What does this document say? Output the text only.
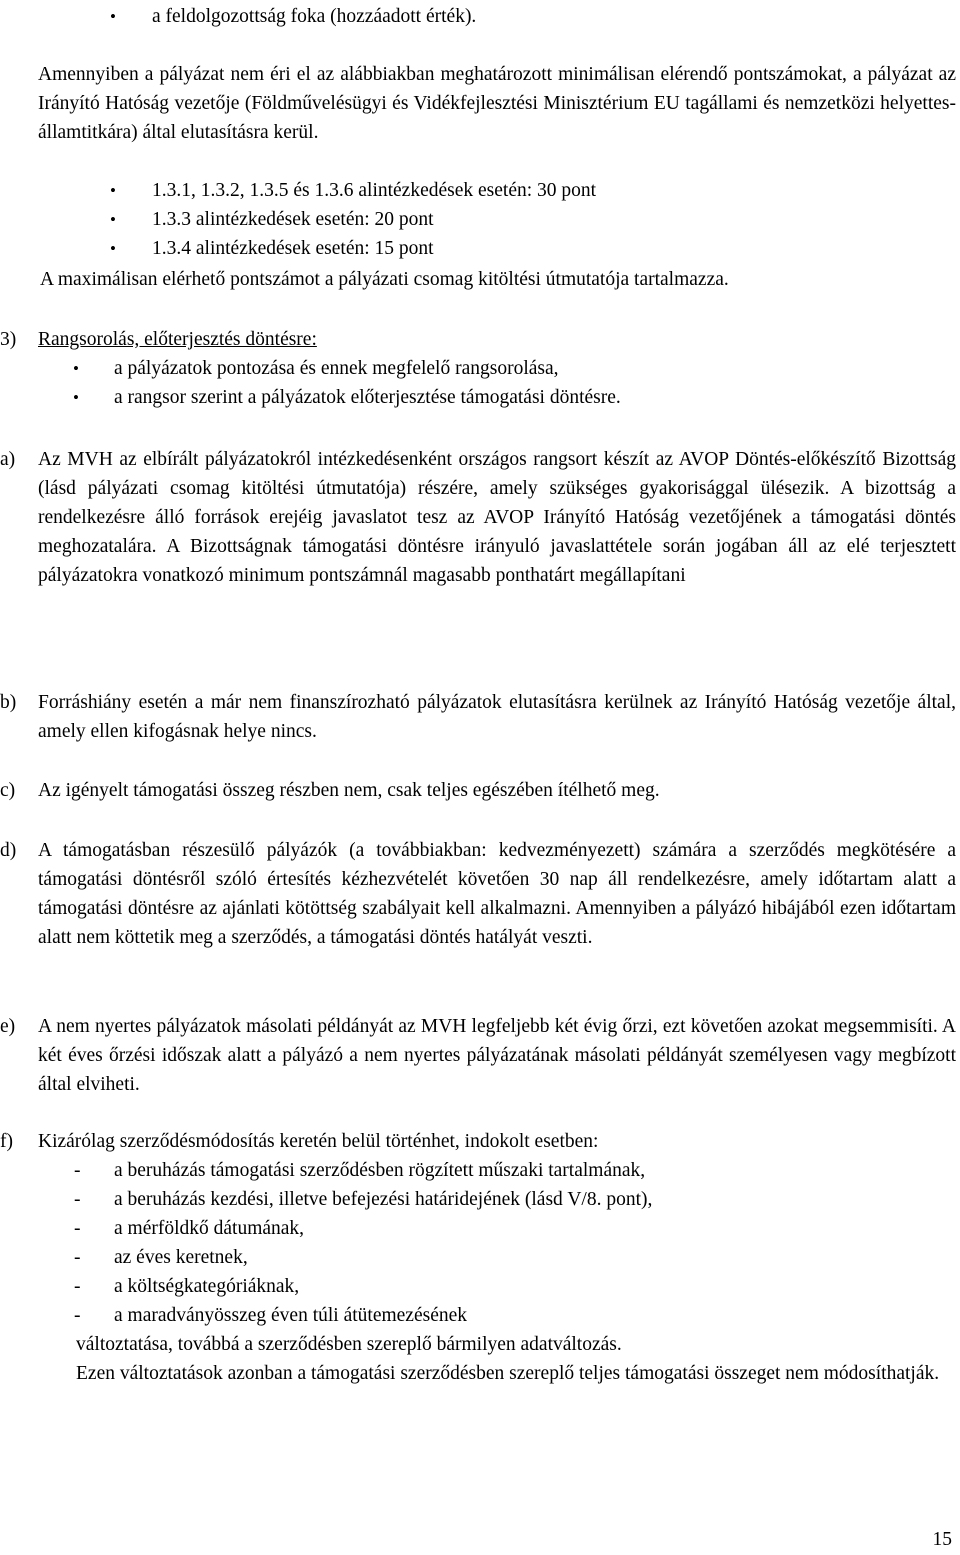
• a feldolgozottság foka (hozzáadott érték).
Amennyiben a pályázat nem éri el az alábbiakban meghatározott minimálisan elérendő pontszámokat, a pályázat az Irányító Hatóság vezetője (Földművelésügyi és Vidékfejlesztési Minisztérium EU tagállami és nemzetközi helyettes-államtitkára) által elutasításra kerül.
• 1.3.1, 1.3.2, 1.3.5 és 1.3.6 alintézkedések esetén: 30 pont
• 1.3.3 alintézkedések esetén: 20 pont
• 1.3.4 alintézkedések esetén: 15 pont
A maximálisan elérhető pontszámot a pályázati csomag kitöltési útmutatója tartalmazza.
3)	Rangsorolás, előterjesztés döntésre:
• a pályázatok pontozása és ennek megfelelő rangsorolása,
• a rangsor szerint a pályázatok előterjesztése támogatási döntésre.
a)	Az MVH az elbírált pályázatokról intézkedésenként országos rangsort készít az AVOP Döntés-előkészítő Bizottság (lásd pályázati csomag kitöltési útmutatója) részére, amely szükséges gyakorisággal ülésezik. A bizottság a rendelkezésre álló források erejéig javaslatot tesz az AVOP Irányító Hatóság vezetőjének a támogatási döntés meghozatalára. A Bizottságnak támogatási döntésre irányuló javaslattétele során jogában áll az elé terjesztett pályázatokra vonatkozó minimum pontszámnál magasabb ponthatárt megállapítani
b)	Forráshiány esetén a már nem finanszírozható pályázatok elutasításra kerülnek az Irányító Hatóság vezetője által, amely ellen kifogásnak helye nincs.
c)	Az igényelt támogatási összeg részben nem, csak teljes egészében ítélhető meg.
d)	A támogatásban részesülő pályázók (a továbbiakban: kedvezményezett) számára a szerződés megkötésére a támogatási döntésről szóló értesítés kézhezvételét követően 30 nap áll rendelkezésre, amely időtartam alatt a támogatási döntésre az ajánlati kötöttség szabályait kell alkalmazni. Amennyiben a pályázó hibájából ezen időtartam alatt nem köttetik meg a szerződés, a támogatási döntés hatályát veszti.
e)	A nem nyertes pályázatok másolati példányát az MVH legfeljebb két évig őrzi, ezt követően azokat megsemmisíti. A két éves őrzési időszak alatt a pályázó a nem nyertes pályázatának másolati példányát személyesen vagy megbízott által elviheti.
f)	Kizárólag szerződésmódosítás keretén belül történhet, indokolt esetben:
- a beruházás támogatási szerződésben rögzített műszaki tartalmának,
- a beruházás kezdési, illetve befejezési határidejének (lásd V/8. pont),
- a mérföldkő dátumának,
- az éves keretnek,
- a költségkategóriáknak,
- a maradványösszeg éven túli átütemezésének
változtatása, továbbá a szerződésben szereplő bármilyen adatváltozás.
Ezen változtatások azonban a támogatási szerződésben szereplő teljes támogatási összeget nem módosíthatják.
15
